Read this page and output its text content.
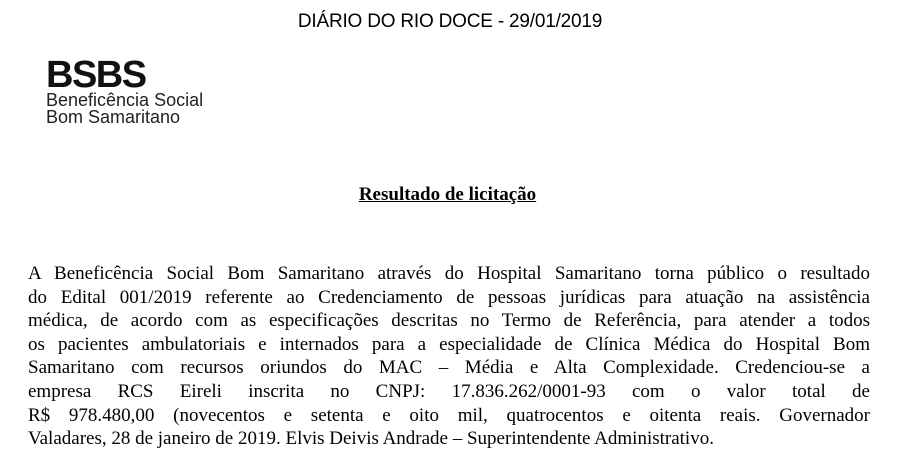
DIÁRIO DO RIO DOCE - 29/01/2019
BSBS
Beneficência Social
Bom Samaritano
Resultado de licitação
A Beneficência Social Bom Samaritano através do Hospital Samaritano torna público o resultado
do Edital 001/2019 referente ao Credenciamento de pessoas jurídicas para atuação na assistência
médica, de acordo com as especificações descritas no Termo de Referência, para atender a todos
os pacientes ambulatoriais e internados para a especialidade de Clínica Médica do Hospital Bom
Samaritano com recursos oriundos do MAC – Média e Alta Complexidade. Credenciou-se a
empresa RCS Eireli inscrita no CNPJ: 17.836.262/0001-93 com o valor total de
R$ 978.480,00 (novecentos e setenta e oito mil, quatrocentos e oitenta reais. Governador
Valadares, 28 de janeiro de 2019. Elvis Deivis Andrade – Superintendente Administrativo.
